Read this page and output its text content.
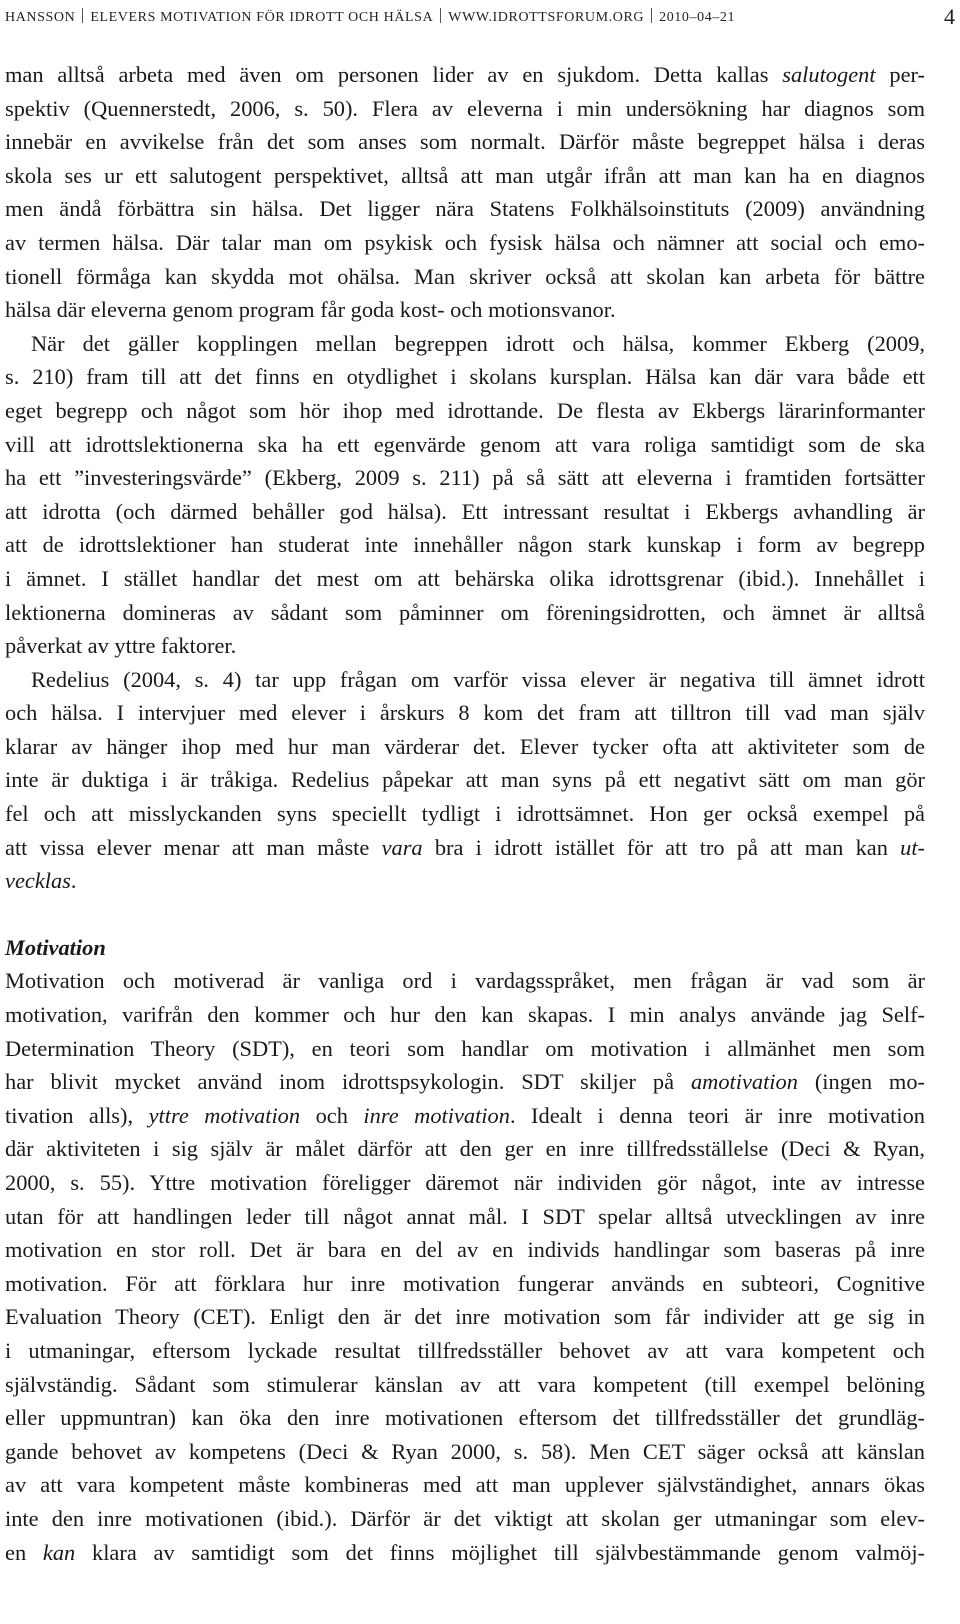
HANSSON ELEVERS MOTIVATION FÖR IDROTT OCH HÄLSA WWW.IDROTTSFORUM.ORG 2010–04–21	4

man alltså arbeta med även om personen lider av en sjukdom. Detta kallas salutogent per-
spektiv (Quennerstedt, 2006, s. 50). Flera av eleverna i min undersökning har diagnos som
innebär en avvikelse från det som anses som normalt. Därför måste begreppet hälsa i deras
skola ses ur ett salutogent perspektivet, alltså att man utgår ifrån att man kan ha en diagnos
men ändå förbättra sin hälsa. Det ligger nära Statens Folkhälsoinstituts (2009) användning
av termen hälsa. Där talar man om psykisk och fysisk hälsa och nämner att social och emo-
tionell förmåga kan skydda mot ohälsa. Man skriver också att skolan kan arbeta för bättre
hälsa där eleverna genom program får goda kost- och motionsvanor.

När det gäller kopplingen mellan begreppen idrott och hälsa, kommer Ekberg (2009,
s. 210) fram till att det finns en otydlighet i skolans kursplan. Hälsa kan där vara både ett
eget begrepp och något som hör ihop med idrottande. De flesta av Ekbergs lärarinformanter
vill att idrottslektionerna ska ha ett egenvärde genom att vara roliga samtidigt som de ska
ha ett ”investeringsvärde” (Ekberg, 2009 s. 211) på så sätt att eleverna i framtiden fortsätter
att idrotta (och därmed behåller god hälsa). Ett intressant resultat i Ekbergs avhandling är
att de idrottslektioner han studerat inte innehåller någon stark kunskap i form av begrepp
i ämnet. I stället handlar det mest om att behärska olika idrottsgrenar (ibid.). Innehållet i
lektionerna domineras av sådant som påminner om föreningsidrotten, och ämnet är alltså
påverkat av yttre faktorer.

Redelius (2004, s. 4) tar upp frågan om varför vissa elever är negativa till ämnet idrott
och hälsa. I intervjuer med elever i årskurs 8 kom det fram att tilltron till vad man själv
klarar av hänger ihop med hur man värderar det. Elever tycker ofta att aktiviteter som de
inte är duktiga i är tråkiga. Redelius påpekar att man syns på ett negativt sätt om man gör
fel och att misslyckanden syns speciellt tydligt i idrottsämnet. Hon ger också exempel på
att vissa elever menar att man måste vara bra i idrott istället för att tro på att man kan ut-
vecklas.

Motivation

Motivation och motiverad är vanliga ord i vardagsspråket, men frågan är vad som är
motivation, varifrån den kommer och hur den kan skapas. I min analys använde jag Self-
Determination Theory (SDT), en teori som handlar om motivation i allmänhet men som
har blivit mycket använd inom idrottspsykologin. SDT skiljer på amotivation (ingen mo-
tivation alls), yttre motivation och inre motivation. Idealt i denna teori är inre motivation
där aktiviteten i sig själv är målet därför att den ger en inre tillfredsställelse (Deci & Ryan,
2000, s. 55). Yttre motivation föreligger däremot när individen gör något, inte av intresse
utan för att handlingen leder till något annat mål. I SDT spelar alltså utvecklingen av inre
motivation en stor roll. Det är bara en del av en individs handlingar som baseras på inre
motivation. För att förklara hur inre motivation fungerar används en subteori, Cognitive
Evaluation Theory (CET). Enligt den är det inre motivation som får individer att ge sig in
i utmaningar, eftersom lyckade resultat tillfredsställer behovet av att vara kompetent och
självständig. Sådant som stimulerar känslan av att vara kompetent (till exempel belöning
eller uppmuntran) kan öka den inre motivationen eftersom det tillfredsställer det grundläg-
gande behovet av kompetens (Deci & Ryan 2000, s. 58). Men CET säger också att känslan
av att vara kompetent måste kombineras med att man upplever självständighet, annars ökas
inte den inre motivationen (ibid.). Därför är det viktigt att skolan ger utmaningar som elev-
en kan klara av samtidigt som det finns möjlighet till självbestämmande genom valmöj-
